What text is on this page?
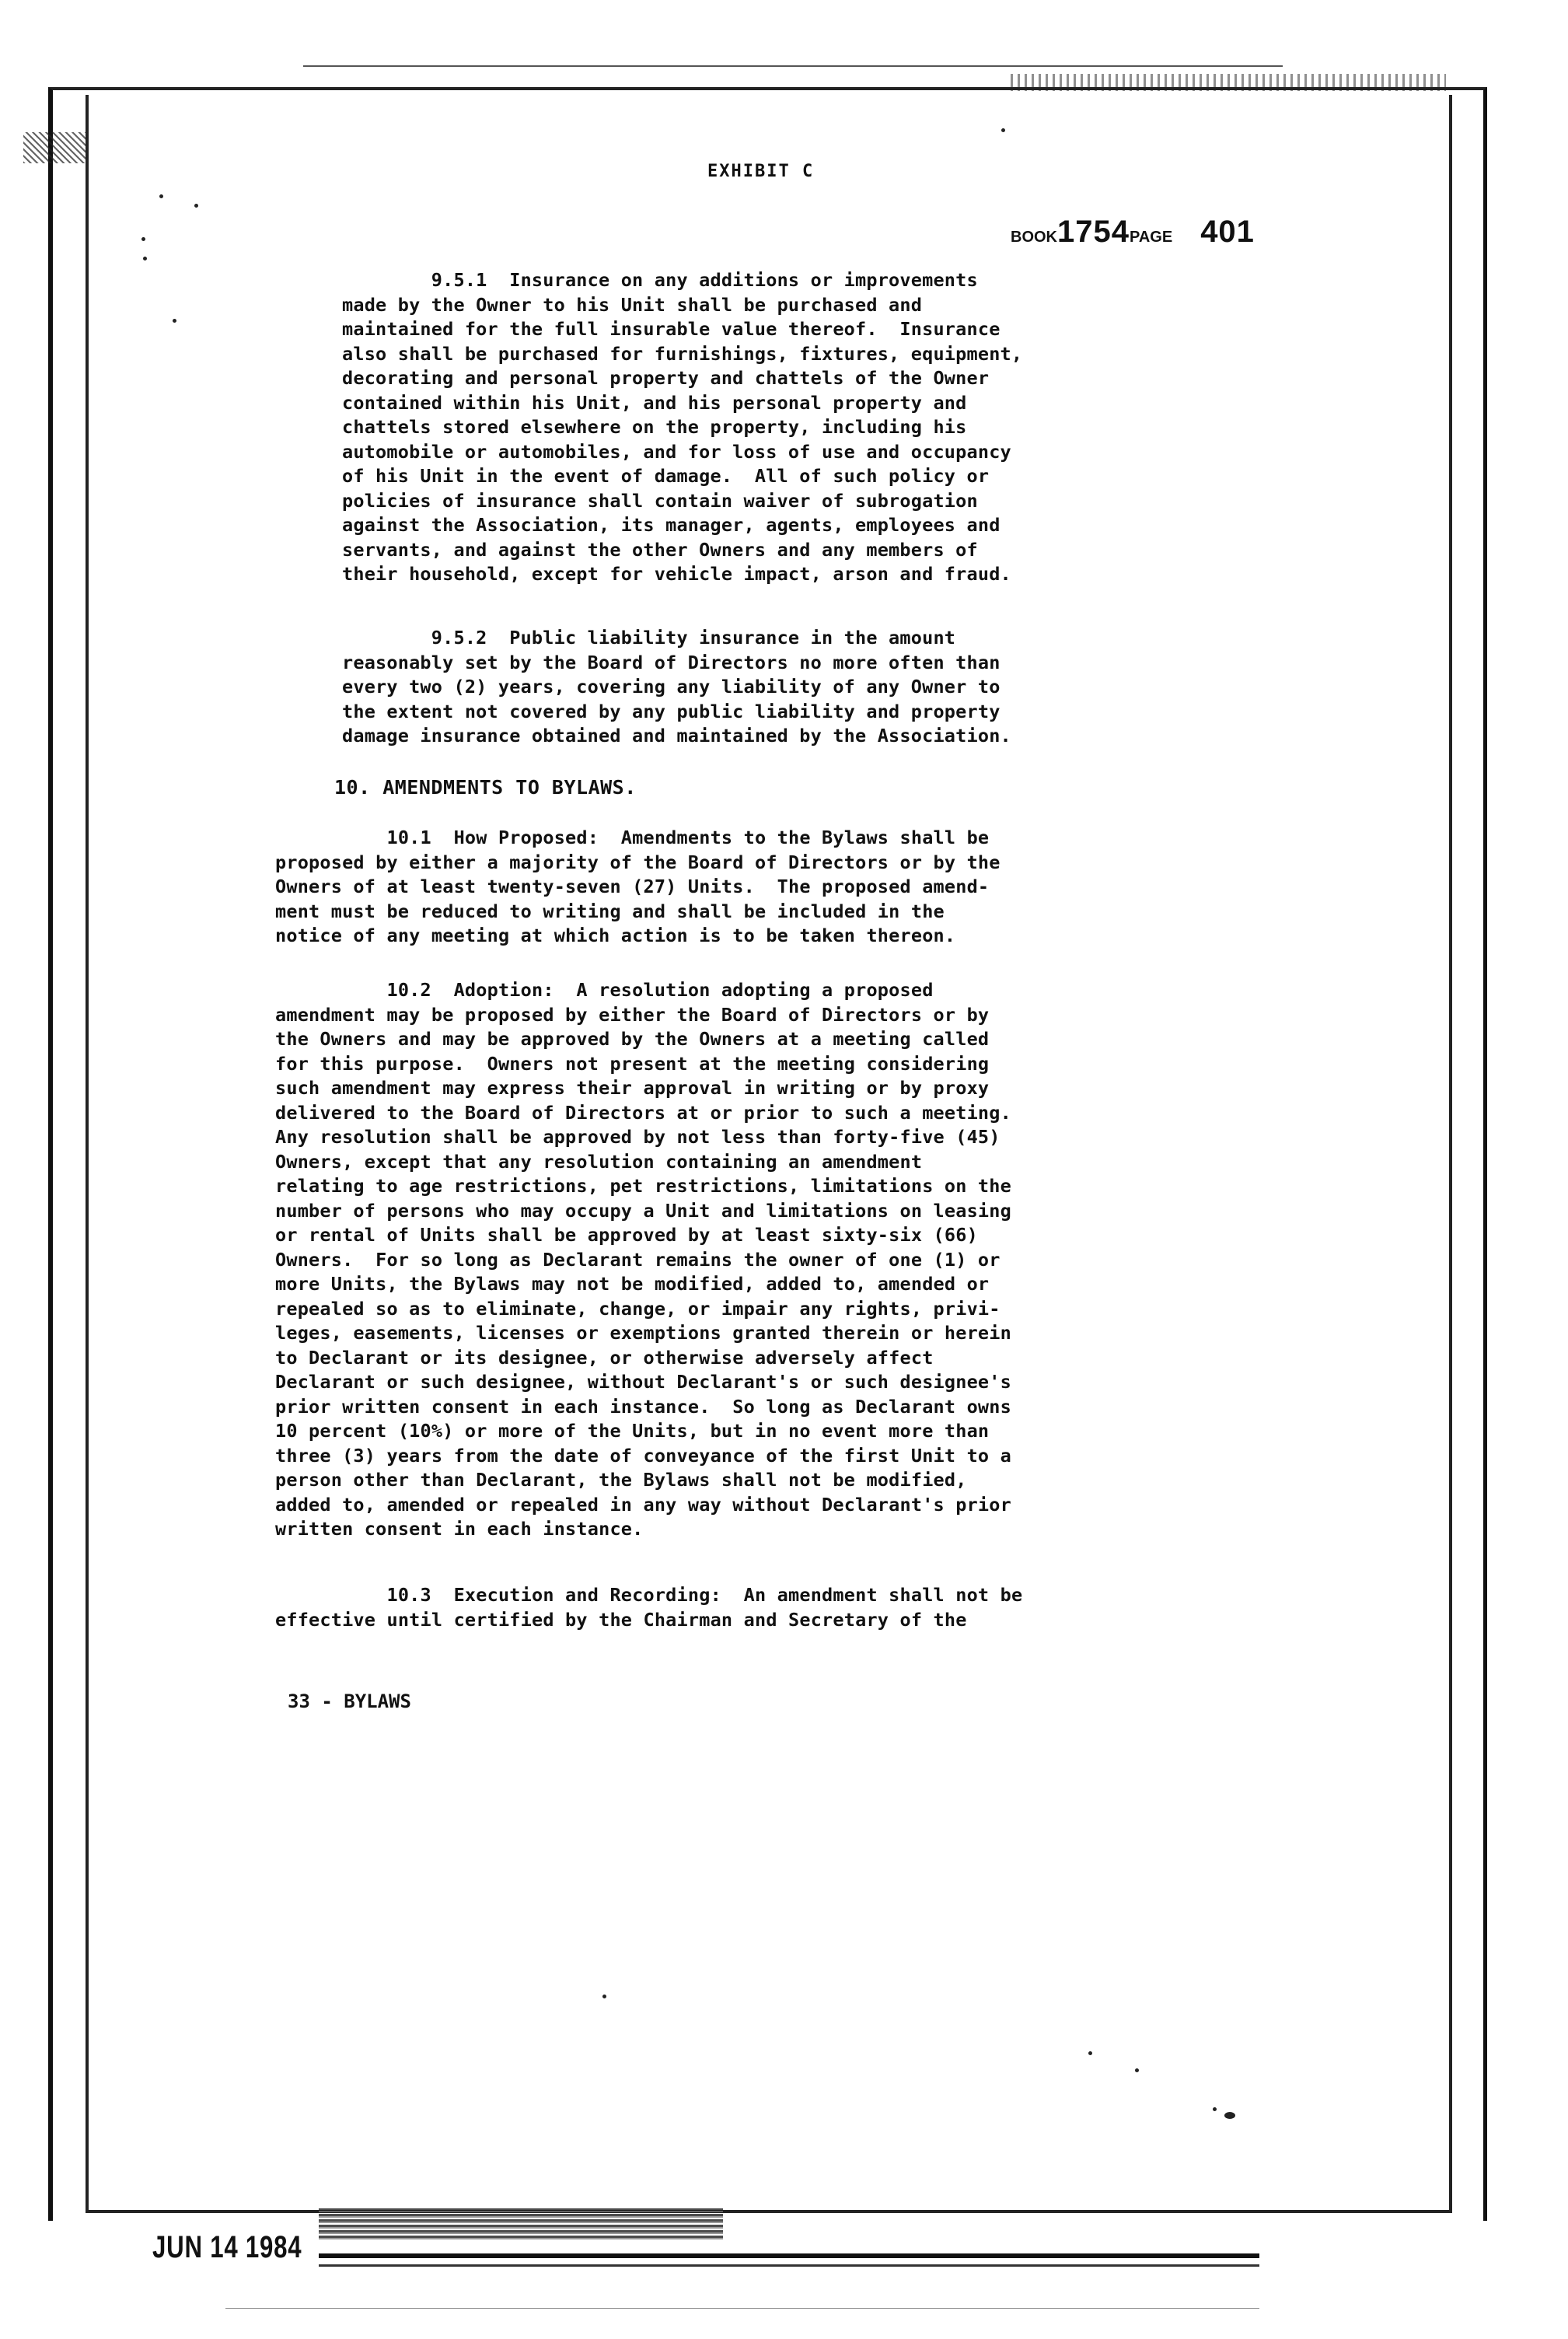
EXHIBIT C
BOOK1754PAGE 401
9.5.1  Insurance on any additions or improvements
made by the Owner to his Unit shall be purchased and
maintained for the full insurable value thereof.  Insurance
also shall be purchased for furnishings, fixtures, equipment,
decorating and personal property and chattels of the Owner
contained within his Unit, and his personal property and
chattels stored elsewhere on the property, including his
automobile or automobiles, and for loss of use and occupancy
of his Unit in the event of damage.  All of such policy or
policies of insurance shall contain waiver of subrogation
against the Association, its manager, agents, employees and
servants, and against the other Owners and any members of
their household, except for vehicle impact, arson and fraud.
9.5.2  Public liability insurance in the amount
reasonably set by the Board of Directors no more often than
every two (2) years, covering any liability of any Owner to
the extent not covered by any public liability and property
damage insurance obtained and maintained by the Association.
10. AMENDMENTS TO BYLAWS.
10.1  How Proposed:  Amendments to the Bylaws shall be
proposed by either a majority of the Board of Directors or by the
Owners of at least twenty-seven (27) Units.  The proposed amend-
ment must be reduced to writing and shall be included in the
notice of any meeting at which action is to be taken thereon.
10.2  Adoption:  A resolution adopting a proposed
amendment may be proposed by either the Board of Directors or by
the Owners and may be approved by the Owners at a meeting called
for this purpose.  Owners not present at the meeting considering
such amendment may express their approval in writing or by proxy
delivered to the Board of Directors at or prior to such a meeting.
Any resolution shall be approved by not less than forty-five (45)
Owners, except that any resolution containing an amendment
relating to age restrictions, pet restrictions, limitations on the
number of persons who may occupy a Unit and limitations on leasing
or rental of Units shall be approved by at least sixty-six (66)
Owners.  For so long as Declarant remains the owner of one (1) or
more Units, the Bylaws may not be modified, added to, amended or
repealed so as to eliminate, change, or impair any rights, privi-
leges, easements, licenses or exemptions granted therein or herein
to Declarant or its designee, or otherwise adversely affect
Declarant or such designee, without Declarant's or such designee's
prior written consent in each instance.  So long as Declarant owns
10 percent (10%) or more of the Units, but in no event more than
three (3) years from the date of conveyance of the first Unit to a
person other than Declarant, the Bylaws shall not be modified,
added to, amended or repealed in any way without Declarant's prior
written consent in each instance.
10.3  Execution and Recording:  An amendment shall not be
effective until certified by the Chairman and Secretary of the
33 - BYLAWS
JUN 14 1984
